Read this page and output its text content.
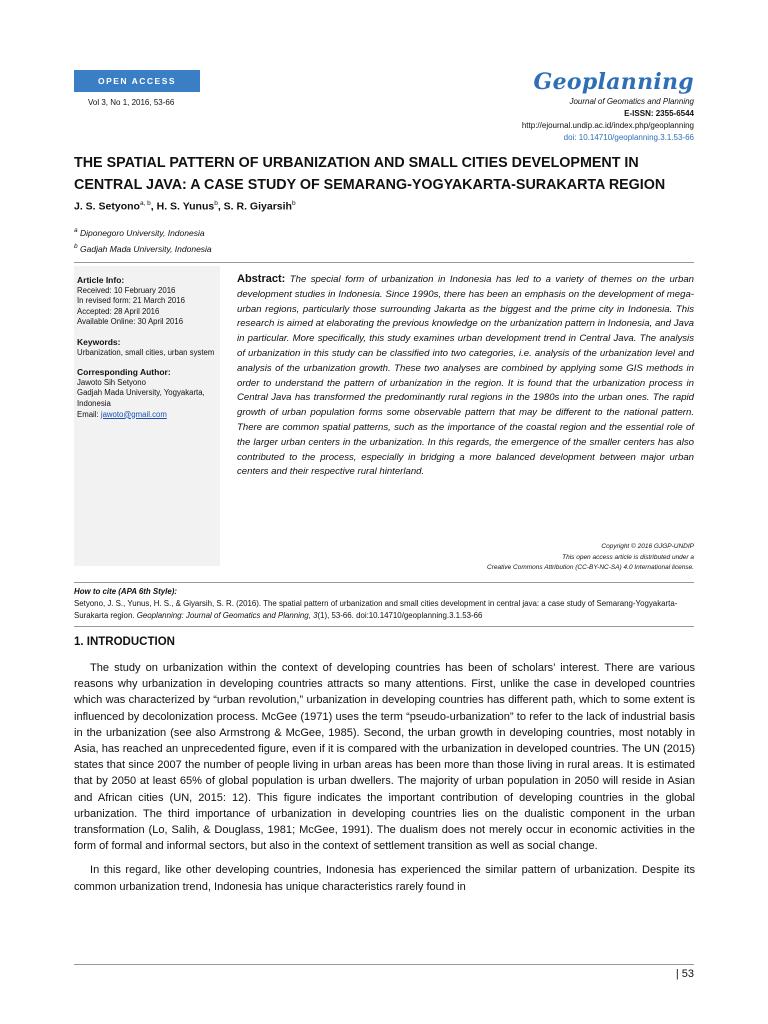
OPEN ACCESS
Vol 3, No 1, 2016, 53-66
Geoplanning
Journal of Geomatics and Planning
E-ISSN: 2355-6544
http://ejournal.undip.ac.id/index.php/geoplanning
doi: 10.14710/geoplanning.3.1.53-66
THE SPATIAL PATTERN OF URBANIZATION AND SMALL CITIES DEVELOPMENT IN CENTRAL JAVA: A CASE STUDY OF SEMARANG-YOGYAKARTA-SURAKARTA REGION
J. S. Setyono$^{a, b}$, H. S. Yunus$^b$, S. R. Giyarsih$^b$
$^a$ Diponegoro University, Indonesia
$^b$ Gadjah Mada University, Indonesia
Article Info:
Received: 10 February 2016
In revised form: 21 March 2016
Accepted: 28 April 2016
Available Online: 30 April 2016
Keywords:
Urbanization, small cities, urban system
Corresponding Author:
Jawoto Sih Setyono
Gadjah Mada University, Yogyakarta, Indonesia
Email: jawoto@gmail.com
Abstract: The special form of urbanization in Indonesia has led to a variety of themes on the urban development studies in Indonesia. Since 1990s, there has been an emphasis on the development of mega-urban regions, particularly those surrounding Jakarta as the biggest and the prime city in Indonesia. This research is aimed at elaborating the previous knowledge on the urbanization pattern in Indonesia, and Java in particular. More specifically, this study examines urban development trend in Central Java. The analysis of urbanization in this study can be classified into two categories, i.e. analysis of the urbanization level and analysis of the urbanization growth. These two analyses are combined by applying some GIS methods in order to understand the pattern of urbanization in the region. It is found that the urbanization process in Central Java has transformed the predominantly rural regions in the 1980s into the urban ones. The rapid growth of urban population forms some observable pattern that may be different to the national pattern. There are common spatial patterns, such as the importance of the coastal region and the essential role of the larger urban centers in the urbanization. In this regards, the emergence of the smaller centers has also contributed to the process, especially in bridging a more balanced development between major urban centers and their respective rural hinterland.
Copyright © 2016 GJGP-UNDIP
This open access article is distributed under a
Creative Commons Attribution (CC-BY-NC-SA) 4.0 International license.
How to cite (APA 6th Style):
Setyono, J. S., Yunus, H. S., & Giyarsih, S. R. (2016). The spatial pattern of urbanization and small cities development in central java: a case study of Semarang-Yogyakarta-Surakarta region. Geoplanning: Journal of Geomatics and Planning, 3(1), 53-66. doi:10.14710/geoplanning.3.1.53-66
1. INTRODUCTION

The study on urbanization within the context of developing countries has been of scholars’ interest. There are various reasons why urbanization in developing countries attracts so many attentions. First, unlike the case in developed countries which was characterized by “urban revolution,” urbanization in developing countries has different path, which to some extent is influenced by decolonization process. McGee (1971) uses the term “pseudo-urbanization” to refer to the lack of industrial basis in the urbanization (see also Armstrong & McGee, 1985). Second, the urban growth in developing countries, most notably in Asia, has reached an unprecedented figure, even if it is compared with the urbanization in developed countries. The UN (2015) states that since 2007 the number of people living in urban areas has been more than those living in rural areas. It is estimated that by 2050 at least 65% of global population is urban dwellers. The majority of urban population in 2050 will reside in Asian and African cities (UN, 2015: 12). This figure indicates the important contribution of developing countries in the global urbanization. The third importance of urbanization in developing countries lies on the dualistic component in the urban transformation (Lo, Salih, & Douglass, 1981; McGee, 1991). The dualism does not merely occur in economic activities in the form of formal and informal sectors, but also in the context of settlement transition as well as social change.

In this regard, like other developing countries, Indonesia has experienced the similar pattern of urbanization. Despite its common urbanization trend, Indonesia has unique characteristics rarely found in

| 53
